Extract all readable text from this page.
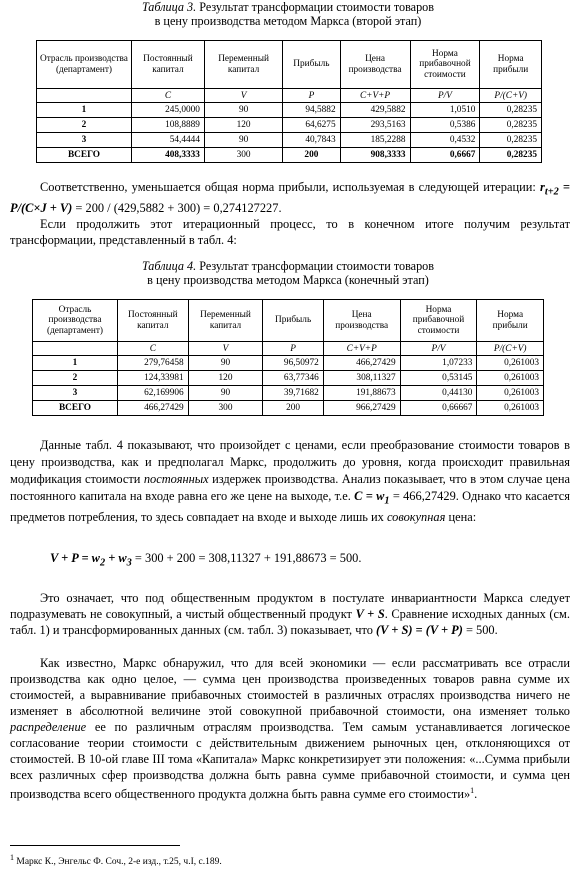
Таблица 3. Результат трансформации стоимости товаров
в цену производства методом Маркса (второй этап)
Отрасль производства (департамент)	Постоянный капитал	Переменный капитал	Прибыль	Цена производства	Норма прибавочной стоимости	Норма прибыли
	C	V	P	C+V+P	P/V	P/(C+V)
1	245,0000	90	94,5882	429,5882	1,0510	0,28235
2	108,8889	120	64,6275	293,5163	0,5386	0,28235
3	54,4444	90	40,7843	185,2288	0,4532	0,28235
ВСЕГО	408,3333	300	200	908,3333	0,6667	0,28235

Соответственно, уменьшается общая норма прибыли, используемая в следующей итерации: $r_{t+2} = P/(C\times J + V) = 200 / (429,5882 + 300) = 0,274127227$.

Если продолжить этот итерационный процесс, то в конечном итоге получим результат трансформации, представленный в табл. 4:

Таблица 4. Результат трансформации стоимости товаров
в цену производства методом Маркса (конечный этап)
Отрасль производства (департамент)	Постоянный капитал	Переменный капитал	Прибыль	Цена производства	Норма прибавочной стоимости	Норма прибыли
	C	V	P	C+V+P	P/V	P/(C+V)
1	279,76458	90	96,50972	466,27429	1,07233	0,261003
2	124,33981	120	63,77346	308,11327	0,53145	0,261003
3	62,169906	90	39,71682	191,88673	0,44130	0,261003
ВСЕГО	466,27429	300	200	966,27429	0,66667	0,261003

Данные табл. 4 показывают, что произойдет с ценами, если преобразование стоимости товаров в цену производства, как и предполагал Маркс, продолжить до уровня, когда происходит правильная модификация стоимости постоянных издержек производства. Анализ показывает, что в этом случае цена постоянного капитала на входе равна его же цене на выходе, т.е. $C = w_1 = 466,27429$. Однако что касается предметов потребления, то здесь совпадает на входе и выходе лишь их совокупная цена:

$V + P = w_2 + w_3 = 300 + 200 = 308,11327 + 191,88673 = 500$.

Это означает, что под общественным продуктом в постулате инвариантности Маркса следует подразумевать не совокупный, а чистый общественный продукт V + S. Сравнение исходных данных (см. табл. 1) и трансформированных данных (см. табл. 3) показывает, что (V + S) = (V + P) = 500.

Как известно, Маркс обнаружил, что для всей экономики — если рассматривать все отрасли производства как одно целое, — сумма цен производства произведенных товаров равна сумме их стоимостей, а выравнивание прибавочных стоимостей в различных отраслях производства ничего не изменяет в абсолютной величине этой совокупной прибавочной стоимости, она изменяет только распределение ее по различным отраслям производства. Тем самым устанавливается логическое согласование теории стоимости с действительным движением рыночных цен, отклоняющихся от стоимостей. В 10-ой главе III тома «Капитала» Маркс конкретизирует эти положения: «...Сумма прибыли всех различных сфер производства должна быть равна сумме прибавочной стоимости, и сумма цен производства всего общественного продукта должна быть равна сумме его стоимости»$^1$.

$^1$ Маркс К., Энгельс Ф. Соч., 2-е изд., т.25, ч.I, с.189.
